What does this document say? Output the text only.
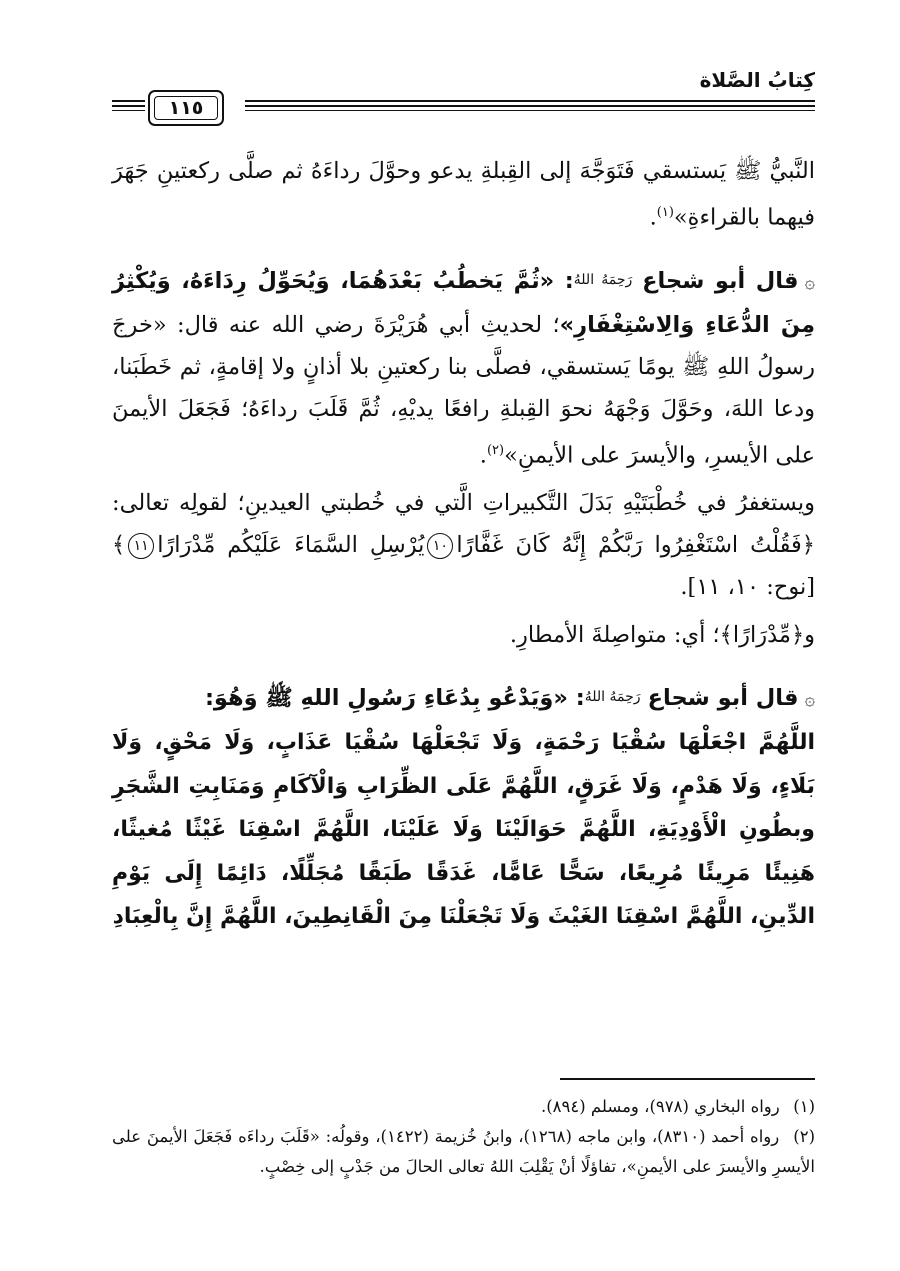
كِتابُ الصَّلاة
١١٥

النَّبيُّ ﷺ يَستسقي فَتَوَجَّهَ إلى القِبلةِ يدعو وحوَّلَ رداءَهُ ثم صلَّى ركعتينِ جَهَرَ فيهما بالقراءةِ»$^{(١)}$.

۞قال أبو شجاع رَحِمَهُ اللهُ: «ثُمَّ يَخطُبُ بَعْدَهُمَا، وَيُحَوِّلُ رِدَاءَهُ، وَيُكْثِرُ مِنَ الدُّعَاءِ وَالِاسْتِغْفَارِ»؛ لحديثِ أبي هُرَيْرَةَ رضي الله عنه قال: «خرجَ رسولُ اللهِ ﷺ يومًا يَستسقي، فصلَّى بنا ركعتينِ بلا أذانٍ ولا إقامةٍ، ثم خَطَبَنا، ودعا اللهَ، وحَوَّلَ وَجْهَهُ نحوَ القِبلةِ رافعًا يديْهِ، ثُمَّ قَلَبَ رداءَهُ؛ فَجَعَلَ الأيمنَ على الأيسرِ، والأيسرَ على الأيمنِ»$^{(٢)}$.

ويستغفرُ في خُطْبَتَيْهِ بَدَلَ التَّكبيراتِ الَّتي في خُطبتي العيدينِ؛ لقولِه تعالى: ﴿فَقُلْتُ اسْتَغْفِرُوا رَبَّكُمْ إِنَّهُ كَانَ غَفَّارًا١٠يُرْسِلِ السَّمَاءَ عَلَيْكُم مِّدْرَارًا١١﴾ [نوح: ١٠، ١١].

و﴿مِّدْرَارًا﴾؛ أي: متواصِلةَ الأمطارِ.

۞قال أبو شجاع رَحِمَهُ اللهُ: «وَيَدْعُو بِدُعَاءِ رَسُولِ اللهِ ﷺ وَهُوَ:

اللَّهُمَّ اجْعَلْهَا سُقْيَا رَحْمَةٍ، وَلَا تَجْعَلْهَا سُقْيَا عَذَابٍ، وَلَا مَحْقٍ، وَلَا بَلَاءٍ، وَلَا هَدْمٍ، وَلَا غَرَقٍ، اللَّهُمَّ عَلَى الظِّرَابِ وَالْآكَامِ وَمَنَابِتِ الشَّجَرِ وبطُونِ الْأَوْدِيَةِ، اللَّهُمَّ حَوَالَيْنَا وَلَا عَلَيْنَا، اللَّهُمَّ اسْقِنَا غَيْثًا مُغيثًا، هَنِيئًا مَرِيئًا مُرِيعًا، سَحًّا عَامًّا، غَدَقًا طَبَقًا مُجَلِّلًا، دَائِمًا إِلَى يَوْمِ الدِّينِ، اللَّهُمَّ اسْقِنَا الغَيْثَ وَلَا تَجْعَلْنَا مِنَ الْقَانِطِينَ، اللَّهُمَّ إِنَّ بِالْعِبَادِ

(١) رواه البخاري (٩٧٨)، ومسلم (٨٩٤).

(٢) رواه أحمد (٨٣١٠)، وابن ماجه (١٢٦٨)، وابنُ خُزيمة (١٤٢٢)، وقولُه: «قَلَبَ رداءَه فَجَعَلَ الأيمنَ على الأيسرِ والأيسرَ على الأيمنِ»، تفاؤلًا أنْ يَقْلِبَ اللهُ تعالى الحالَ من جَدْبٍ إلى خِصْبٍ.
